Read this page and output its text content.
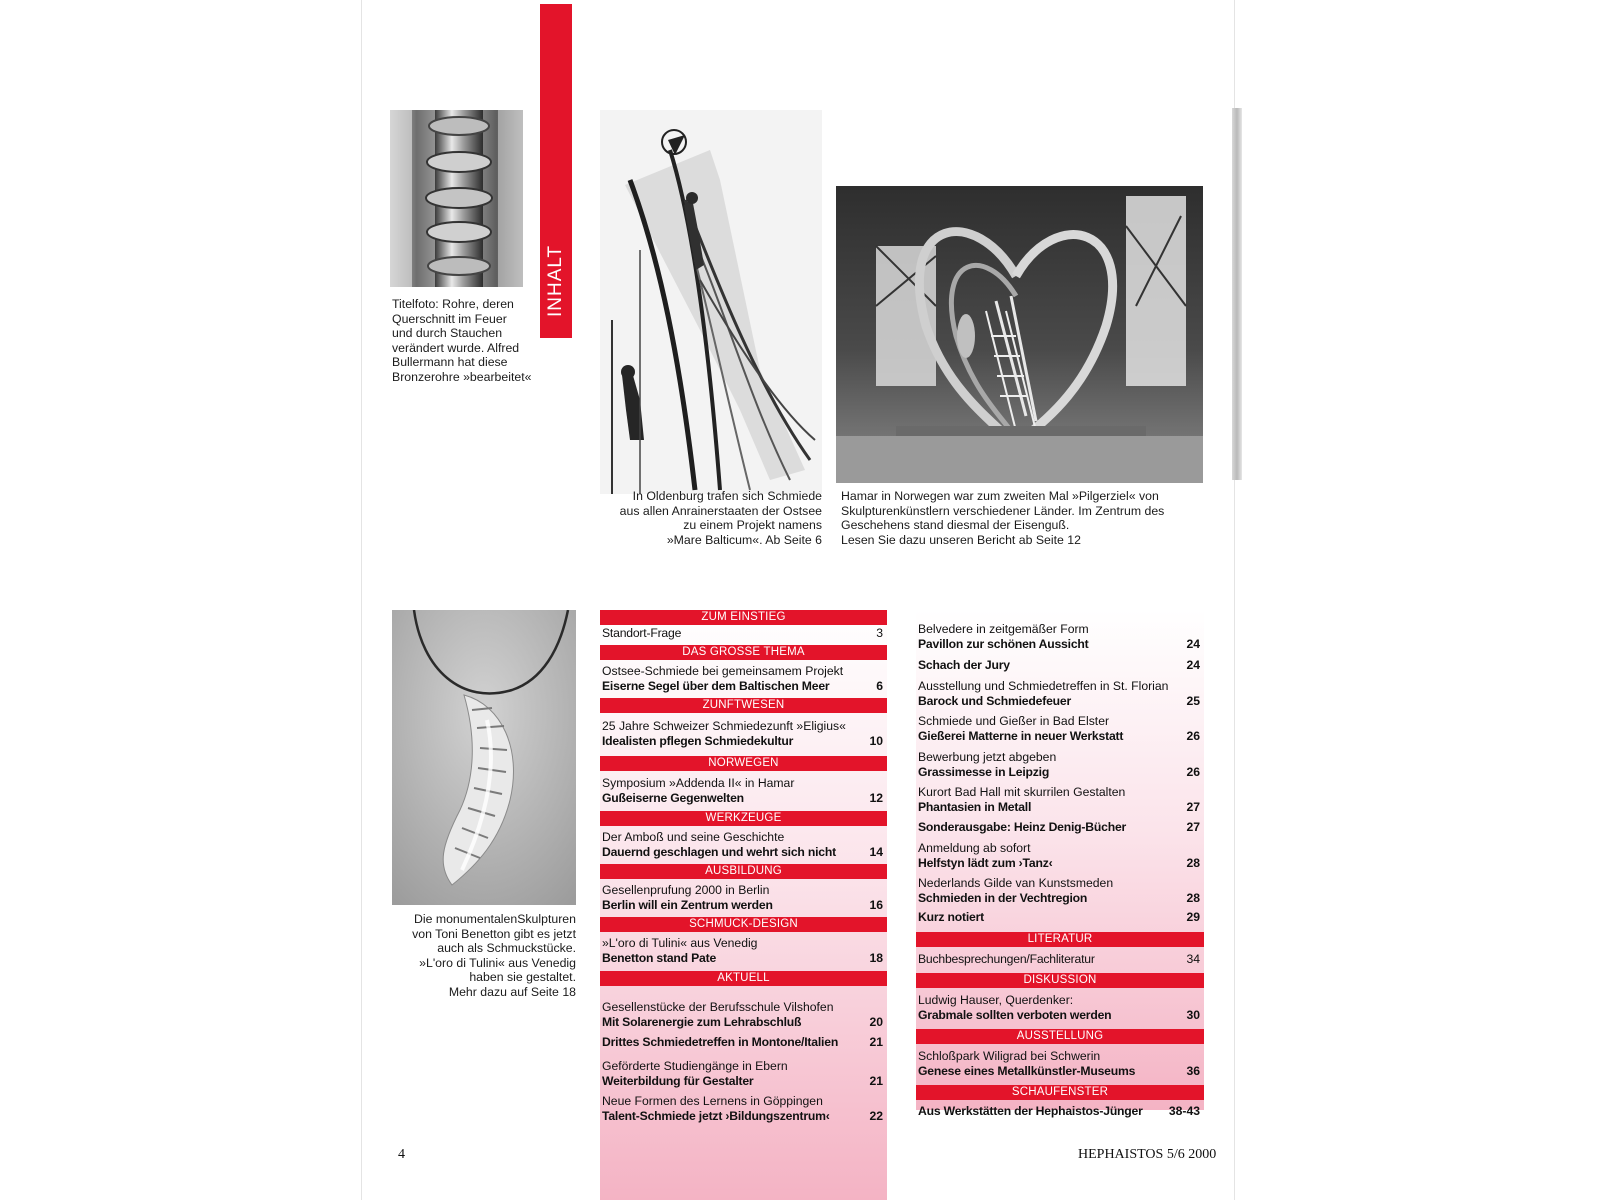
Titelfoto: Rohre, deren
Querschnitt im Feuer
und durch Stauchen
verändert wurde. Alfred
Bullermann hat diese
Bronzerohre »bearbeitet«
INHALT
In Oldenburg trafen sich Schmiede
aus allen Anrainerstaaten der Ostsee
zu einem Projekt namens
»Mare Balticum«. Ab Seite 6
Hamar in Norwegen war zum zweiten Mal »Pilgerziel« von
Skulpturenkünstlern verschiedener Länder. Im Zentrum des
Geschehens stand diesmal der Eisenguß.
Lesen Sie dazu unseren Bericht ab Seite 12
Die monumentalenSkulpturen
von Toni Benetton gibt es jetzt
auch als Schmuckstücke.
»L'oro di Tulini« aus Venedig
haben sie gestaltet.
Mehr dazu auf Seite 18
ZUM EINSTIEG
Standort-Frage	3
DAS GROSSE THEMA
Ostsee-Schmiede bei gemeinsamem Projekt
Eiserne Segel über dem Baltischen Meer	6
ZUNFTWESEN
25 Jahre Schweizer Schmiedezunft »Eligius«
Idealisten pflegen Schmiedekultur	10
NORWEGEN
Symposium »Addenda II« in Hamar
Gußeiserne Gegenwelten	12
WERKZEUGE
Der Amboß und seine Geschichte
Dauernd geschlagen und wehrt sich nicht	14
AUSBILDUNG
Gesellenprufung 2000 in Berlin
Berlin will ein Zentrum werden	16
SCHMUCK-DESIGN
»L'oro di Tulini« aus Venedig
Benetton stand Pate	18
AKTUELL
Gesellenstücke der Berufsschule Vilshofen
Mit Solarenergie zum Lehrabschluß	20
Drittes Schmiedetreffen in Montone/Italien	21
Geförderte Studiengänge in Ebern
Weiterbildung für Gestalter	21
Neue Formen des Lernens in Göppingen
Talent-Schmiede jetzt ›Bildungszentrum‹	22
Belvedere in zeitgemäßer Form
Pavillon zur schönen Aussicht	24
Schach der Jury	24
Ausstellung und Schmiedetreffen in St. Florian
Barock und Schmiedefeuer	25
Schmiede und Gießer in Bad Elster
Gießerei Matterne in neuer Werkstatt	26
Bewerbung jetzt abgeben
Grassimesse in Leipzig	26
Kurort Bad Hall mit skurrilen Gestalten
Phantasien in Metall	27
Sonderausgabe: Heinz Denig-Bücher	27
Anmeldung ab sofort
Helfstyn lädt zum ›Tanz‹	28
Nederlands Gilde van Kunstsmeden
Schmieden in der Vechtregion	28
Kurz notiert	29
LITERATUR
Buchbesprechungen/Fachliteratur	34
DISKUSSION
Ludwig Hauser, Querdenker:
Grabmale sollten verboten werden	30
AUSSTELLUNG
Schloßpark Wiligrad bei Schwerin
Genese eines Metallkünstler-Museums	36
SCHAUFENSTER
Aus Werkstätten der Hephaistos-Jünger	38-43
4	HEPHAISTOS 5/6 2000
